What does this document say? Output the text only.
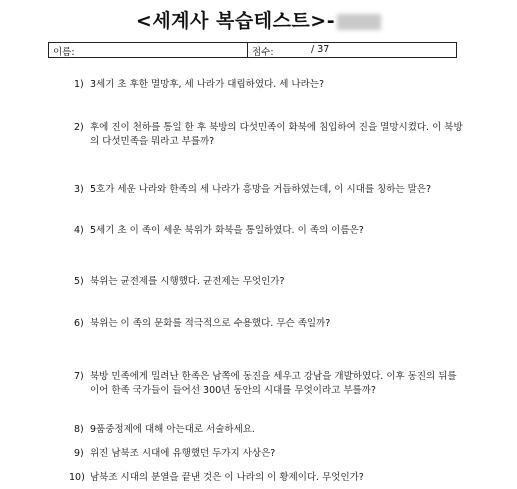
<세계사 복습테스트>-
이름:	점수:	/ 37
1) 3세기 초 후한 멸망후, 세 나라가 대립하였다. 세 나라는?
2) 후에 진이 천하를 통일 한 후 북방의 다섯민족이 화북에 침입하여 진을 멸망시켰다. 이 북방
의 다섯민족을 뭐라고 부를까?
3) 5호가 세운 나라와 한족의 세 나라가 흥망을 거듭하였는데, 이 시대를 칭하는 말은?
4) 5세기 초 이 족이 세운 북위가 화북을 통일하였다. 이 족의 이름은?
5) 북위는 균전제를 시행했다. 균전제는 무엇인가?
6) 북위는 이 족의 문화를 적극적으로 수용했다. 무슨 족일까?
7) 북방 민족에게 밀려난 한족은 남쪽에 동진을 세우고 강남을 개발하였다. 이후 동진의 뒤를
이어 한족 국가들이 들어선 300년 동안의 시대를 무엇이라고 부를까?
8) 9품중정제에 대해 아는대로 서술하세요.
9) 위진 남북조 시대에 유행했던 두가지 사상은?
10) 남북조 시대의 분열을 끝낸 것은 이 나라의 이 황제이다. 무엇인가?
